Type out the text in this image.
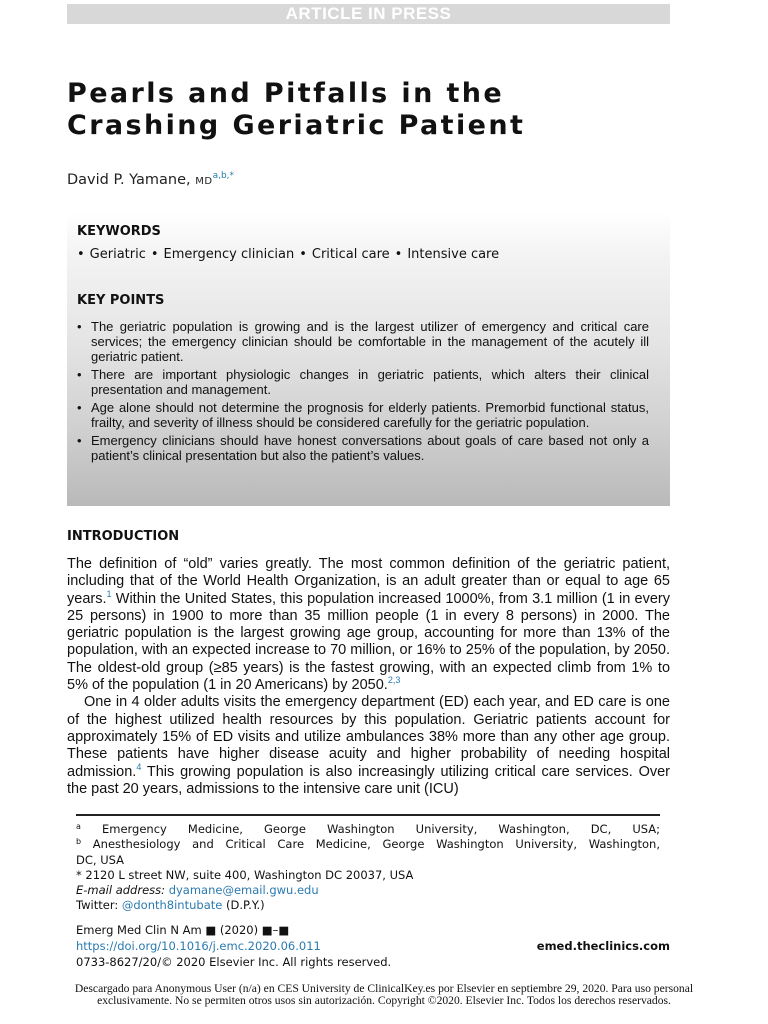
ARTICLE IN PRESS
Pearls and Pitfalls in the
Crashing Geriatric Patient
David P. Yamane, $MD^{a,b,*}$
KEYWORDS
• Geriatric	• Emergency clinician	• Critical care	• Intensive care
KEY POINTS
• The geriatric population is growing and is the largest utilizer of emergency and critical care services; the emergency clinician should be comfortable in the management of the acutely ill geriatric patient.
• There are important physiologic changes in geriatric patients, which alters their clinical presentation and management.
• Age alone should not determine the prognosis for elderly patients. Premorbid functional status, frailty, and severity of illness should be considered carefully for the geriatric population.
• Emergency clinicians should have honest conversations about goals of care based not only a patient’s clinical presentation but also the patient’s values.
INTRODUCTION

The definition of “old” varies greatly. The most common definition of the geriatric patient, including that of the World Health Organization, is an adult greater than or equal to age 65 years.$^1$ Within the United States, this population increased 1000%, from 3.1 million (1 in every 25 persons) in 1900 to more than 35 million people (1 in every 8 persons) in 2000. The geriatric population is the largest growing age group, accounting for more than 13% of the population, with an expected increase to 70 million, or 16% to 25% of the population, by 2050. The oldest-old group (≥85 years) is the fastest growing, with an expected climb from 1% to 5% of the population (1 in 20 Americans) by 2050.$^{2,3}$

One in 4 older adults visits the emergency department (ED) each year, and ED care is one of the highest utilized health resources by this population. Geriatric patients account for approximately 15% of ED visits and utilize ambulances 38% more than any other age group. These patients have higher disease acuity and higher probability of needing hospital admission.$^4$ This growing population is also increasingly utilizing critical care services. Over the past 20 years, admissions to the intensive care unit (ICU)

$^a$ Emergency Medicine, George Washington University, Washington, DC, USA;
$^b$ Anesthesiology and Critical Care Medicine, George Washington University, Washington,
DC, USA
* 2120 L street NW, suite 400, Washington DC 20037, USA
E-mail address: dyamane@email.gwu.edu
Twitter: @donth8intubate (D.P.Y.)
Emerg Med Clin N Am ■ (2020) ■–■
https://doi.org/10.1016/j.emc.2020.06.011
0733-8627/20/© 2020 Elsevier Inc. All rights reserved.
emed.theclinics.com
Descargado para Anonymous User (n/a) en CES University de ClinicalKey.es por Elsevier en septiembre 29, 2020. Para uso personal
exclusivamente. No se permiten otros usos sin autorización. Copyright ©2020. Elsevier Inc. Todos los derechos reservados.
